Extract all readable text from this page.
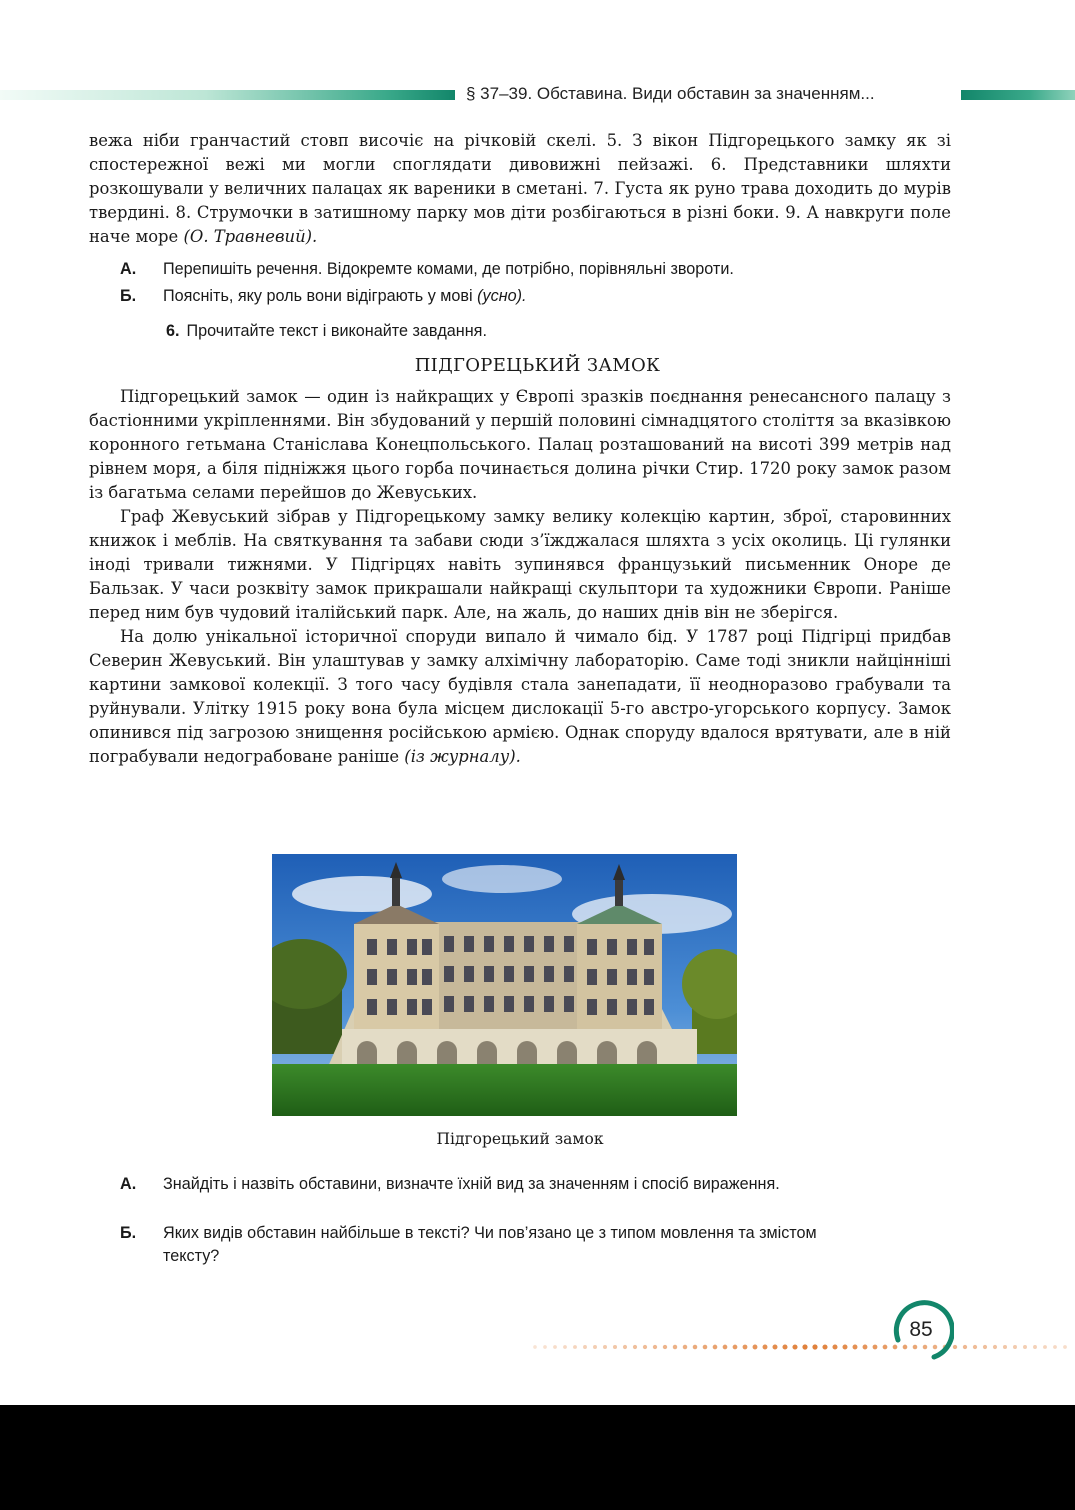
§ 37–39. Обставина. Види обставин за значенням...

вежа ніби гранчастий стовп височіє на річковій скелі. 5. З вікон Підгорецького замку як зі спостережної вежі ми могли споглядати дивовижні пейзажі. 6. Представники шляхти розкошували у величних палацах як вареники в сметані. 7. Густа як руно трава доходить до мурів твердині. 8. Струмочки в затишному парку мов діти розбігаються в різні боки. 9. А навкруги поле наче море (О. Травневий).

А. Перепишіть речення. Відокремте комами, де потрібно, порівняльні звороти.
Б. Поясніть, яку роль вони відіграють у мові (усно).
6. Прочитайте текст і виконайте завдання.
ПІДГОРЕЦЬКИЙ ЗАМОК

Підгорецький замок — один із найкращих у Європі зразків поєднання ренесансного палацу з бастіонними укріпленнями. Він збудований у першій половині сімнадцятого століття за вказівкою коронного гетьмана Станіслава Конецпольського. Палац розташований на висоті 399 метрів над рівнем моря, а біля підніжжя цього горба починається долина річки Стир. 1720 року замок разом із багатьма селами перейшов до Жевуських.

Граф Жевуський зібрав у Підгорецькому замку велику колекцію картин, зброї, старовинних книжок і меблів. На святкування та забави сюди з’їжджалася шляхта з усіх околиць. Ці гулянки іноді тривали тижнями. У Підгірцях навіть зупинявся французький письменник Оноре де Бальзак. У часи розквіту замок прикрашали найкращі скульптори та художники Європи. Раніше перед ним був чудовий італійський парк. Але, на жаль, до наших днів він не зберігся.

На долю унікальної історичної споруди випало й чимало бід. У 1787 році Підгірці придбав Северин Жевуський. Він улаштував у замку алхімічну лабораторію. Саме тоді зникли найцінніші картини замкової колекції. З того часу будівля стала занепадати, її неодноразово грабували та руйнували. Улітку 1915 року вона була місцем дислокації 5-го австро-угорського корпусу. Замок опинився під загрозою знищення російською армією. Однак споруду вдалося врятувати, але в ній пограбували недограбоване раніше (із журналу).

Підгорецький замок
А. Знайдіть і назвіть обставини, визначте їхній вид за значенням і спосіб вираження.
Б. Яких видів обставин найбільше в тексті? Чи пов’язано це з типом мовлення та змістом тексту?
85
